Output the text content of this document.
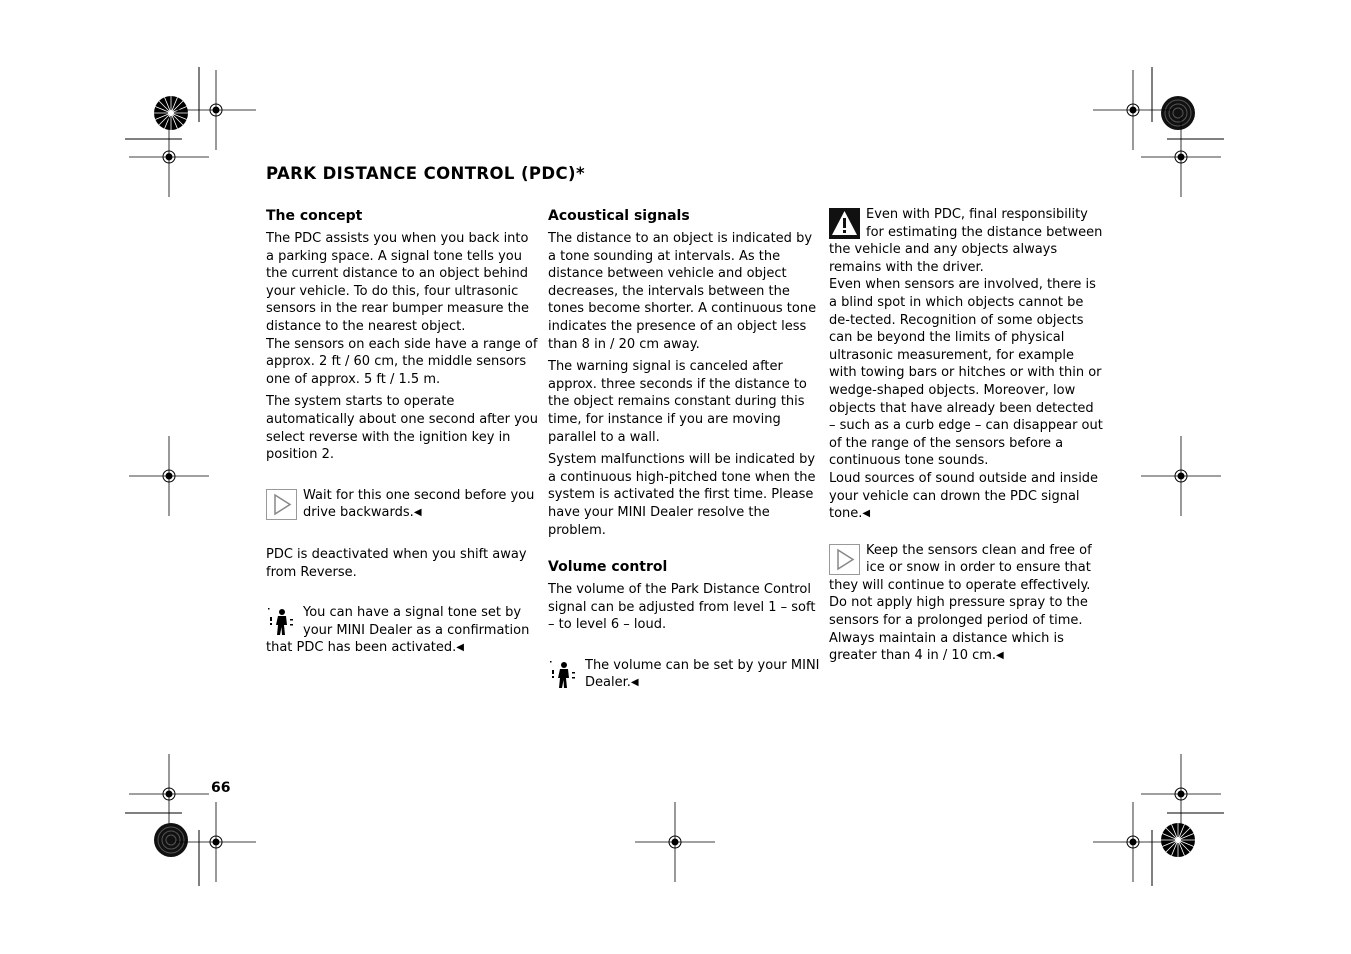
PARK DISTANCE CONTROL (PDC)*
The concept

The PDC assists you when you back into a parking space. A signal tone tells you the current distance to an object behind your vehicle. To do this, four ultrasonic sensors in the rear bumper measure the distance to the nearest object.

The sensors on each side have a range of approx. 2 ft / 60 cm, the middle sensors one of approx. 5 ft / 1.5 m.

The system starts to operate automatically about one second after you select reverse with the ignition key in position 2.

Wait for this one second before you drive backwards.◀

PDC is deactivated when you shift away from Reverse.

You can have a signal tone set by your MINI Dealer as a confirmation that PDC has been activated.◀
Acoustical signals

The distance to an object is indicated by a tone sounding at intervals. As the distance between vehicle and object decreases, the intervals between the tones become shorter. A continuous tone indicates the presence of an object less than 8 in / 20 cm away.

The warning signal is canceled after approx. three seconds if the distance to the object remains constant during this time, for instance if you are moving parallel to a wall.

System malfunctions will be indicated by a continuous high-pitched tone when the system is activated the first time. Please have your MINI Dealer resolve the problem.

Volume control

The volume of the Park Distance Control signal can be adjusted from level 1 – soft – to level 6 – loud.

The volume can be set by your MINI Dealer.◀
Even with PDC, final responsibility for estimating the distance between the vehicle and any objects always remains with the driver.

Even when sensors are involved, there is a blind spot in which objects cannot be de-tected. Recognition of some objects can be beyond the limits of physical ultrasonic measurement, for example with towing bars or hitches or with thin or wedge-shaped objects. Moreover, low objects that have already been detected – such as a curb edge – can disappear out of the range of the sensors before a continuous tone sounds.

Loud sources of sound outside and inside your vehicle can drown the PDC signal tone.◀

Keep the sensors clean and free of ice or snow in order to ensure that they will continue to operate effectively.

Do not apply high pressure spray to the sensors for a prolonged period of time.

Always maintain a distance which is greater than 4 in / 10 cm.◀

66
